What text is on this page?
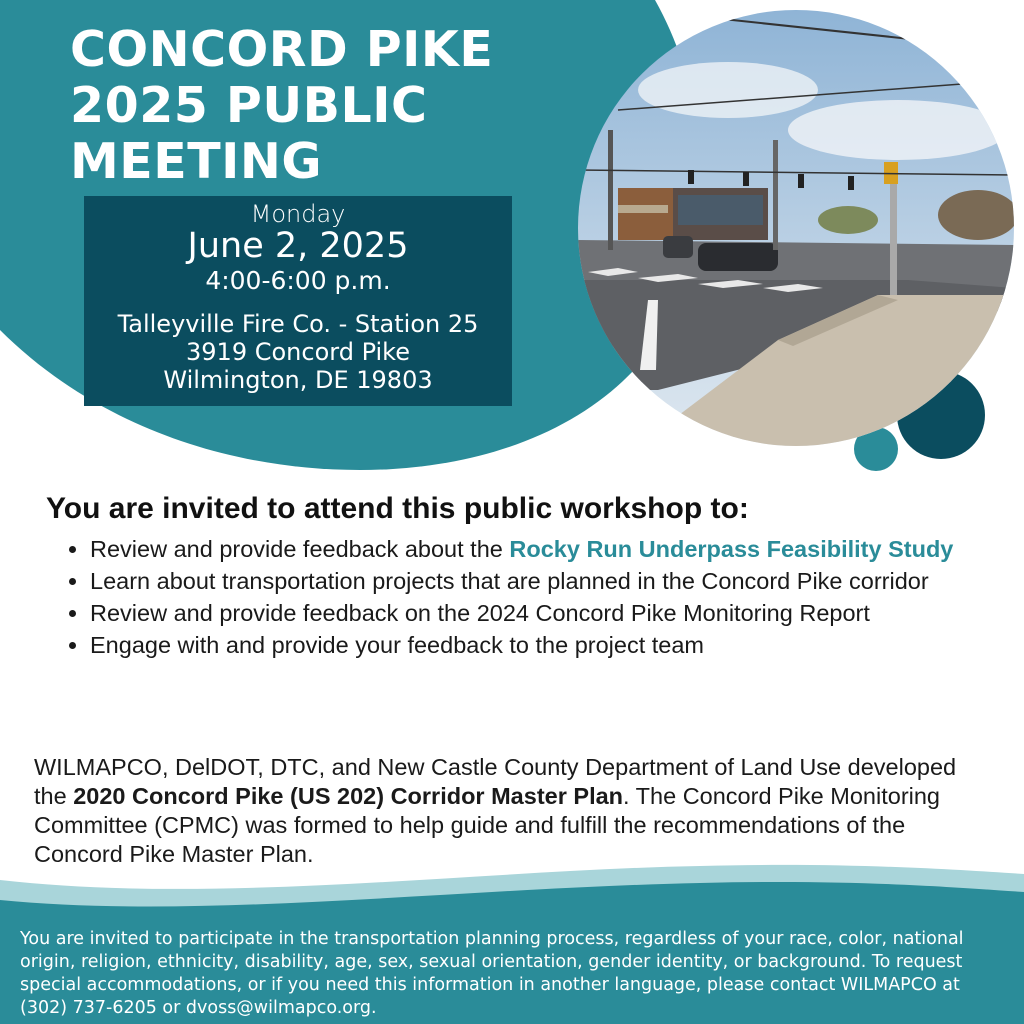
CONCORD PIKE
2025 PUBLIC
MEETING
Monday
June 2, 2025
4:00-6:00 p.m.
Talleyville Fire Co. - Station 25
3919 Concord Pike
Wilmington, DE 19803
You are invited to attend this public workshop to:
• Review and provide feedback about the Rocky Run Underpass Feasibility Study
• Learn about transportation projects that are planned in the Concord Pike corridor
• Review and provide feedback on the 2024 Concord Pike Monitoring Report
• Engage with and provide your feedback to the project team

WILMAPCO, DelDOT, DTC, and New Castle County Department of Land Use developed the 2020 Concord Pike (US 202) Corridor Master Plan. The Concord Pike Monitoring Committee (CPMC) was formed to help guide and fulfill the recommendations of the Concord Pike Master Plan.

You are invited to participate in the transportation planning process, regardless of your race, color, national origin, religion, ethnicity, disability, age, sex, sexual orientation, gender identity, or background. To request special accommodations, or if you need this information in another language, please contact WILMAPCO at (302) 737-6205 or dvoss@wilmapco.org.
